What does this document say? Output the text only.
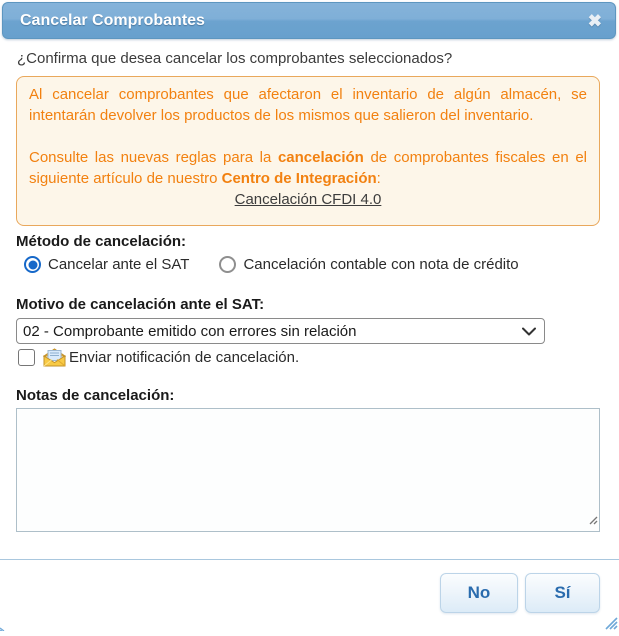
Cancelar Comprobantes	✖
¿Confirma que desea cancelar los comprobantes seleccionados?

Al cancelar comprobantes que afectaron el inventario de algún almacén, se intentarán devolver los productos de los mismos que salieron del inventario.

Consulte las nuevas reglas para la cancelación de comprobantes fiscales en el siguiente artículo de nuestro Centro de Integración:

Cancelación CFDI 4.0
Método de cancelación:
Cancelar ante el SAT	Cancelación contable con nota de crédito
Motivo de cancelación ante el SAT:
02 - Comprobante emitido con errores sin relación
Enviar notificación de cancelación.
Notas de cancelación:
No	Sí
